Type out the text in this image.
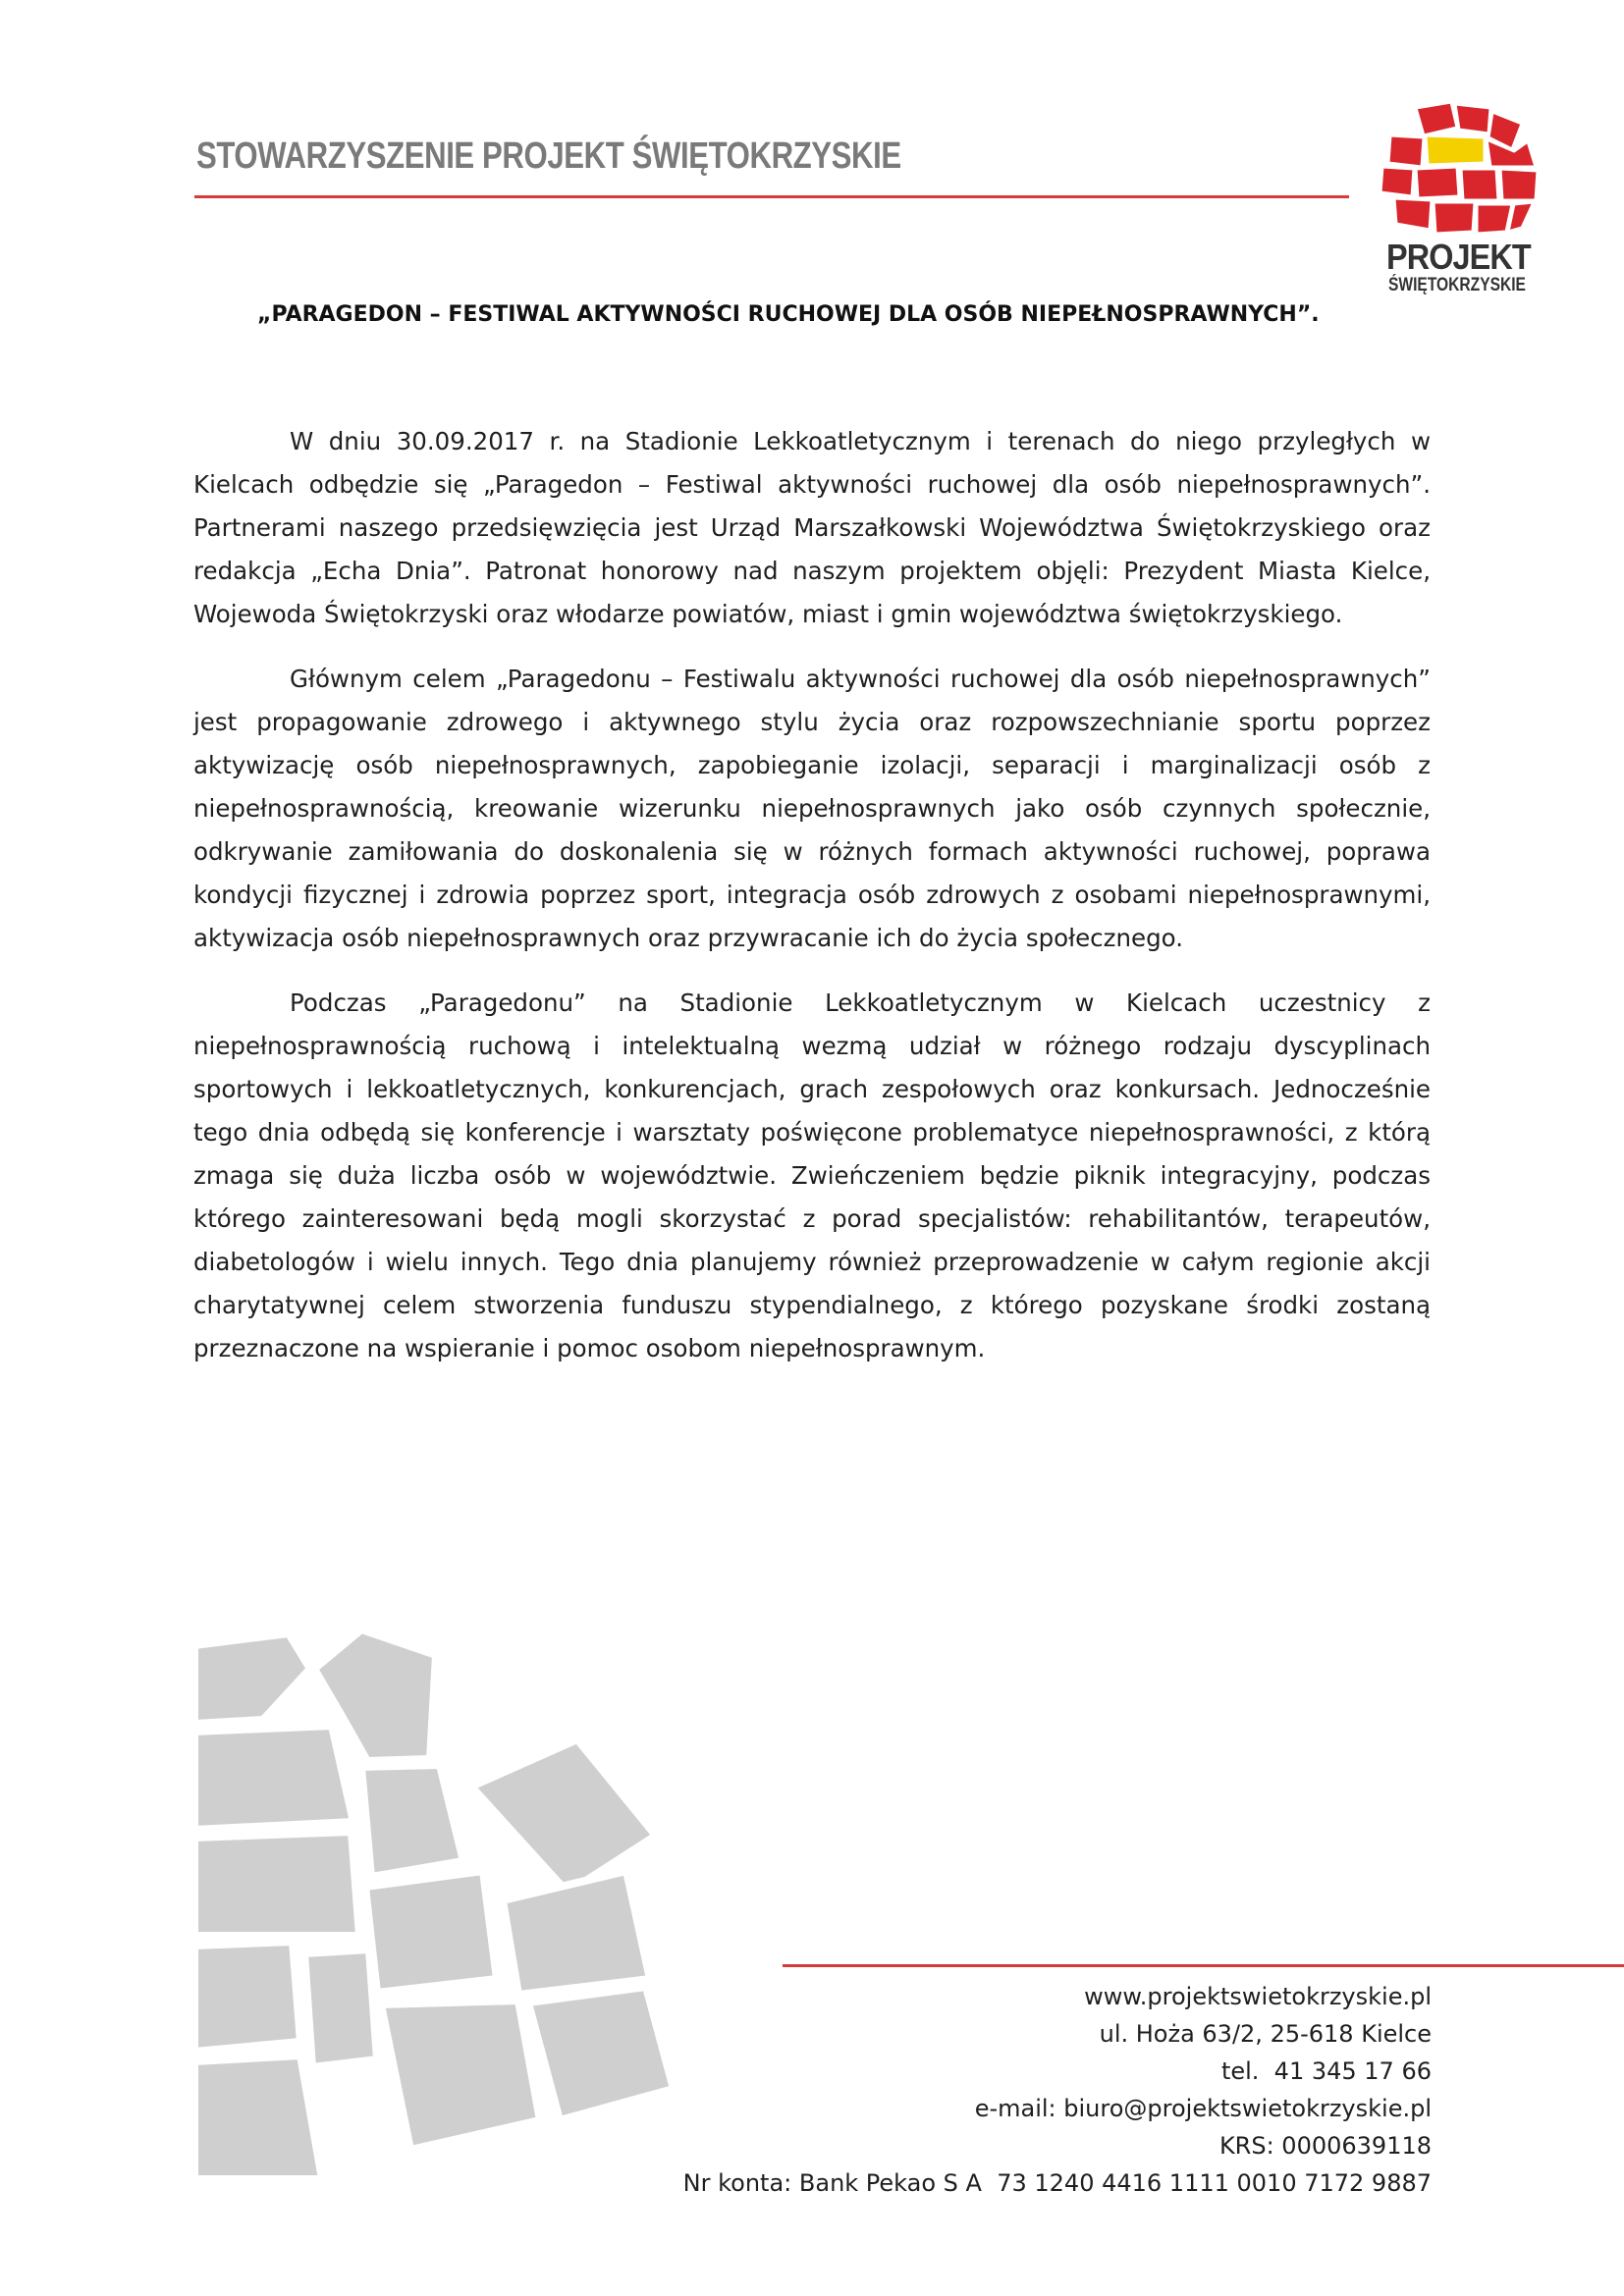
STOWARZYSZENIE PROJEKT ŚWIĘTOKRZYSKIE
PROJEKT
ŚWIĘTOKRZYSKIE
„PARAGEDON – FESTIWAL AKTYWNOŚCI RUCHOWEJ DLA OSÓB NIEPEŁNOSPRAWNYCH”.

W dniu 30.09.2017 r. na Stadionie Lekkoatletycznym i terenach do niego przyległych w Kielcach odbędzie się „Paragedon – Festiwal aktywności ruchowej dla osób niepełnosprawnych”. Partnerami naszego przedsięwzięcia jest Urząd Marszałkowski Województwa Świętokrzyskiego oraz redakcja „Echa Dnia”. Patronat honorowy nad naszym projektem objęli: Prezydent Miasta Kielce, Wojewoda Świętokrzyski oraz włodarze powiatów, miast i gmin województwa świętokrzyskiego.

Głównym celem „Paragedonu – Festiwalu aktywności ruchowej dla osób niepełnosprawnych” jest propagowanie zdrowego i aktywnego stylu życia oraz rozpowszechnianie sportu poprzez aktywizację osób niepełnosprawnych, zapobieganie izolacji, separacji i marginalizacji osób z niepełnosprawnością, kreowanie wizerunku niepełnosprawnych jako osób czynnych społecznie, odkrywanie zamiłowania do doskonalenia się w różnych formach aktywności ruchowej, poprawa kondycji fizycznej i zdrowia poprzez sport, integracja osób zdrowych z osobami niepełnosprawnymi, aktywizacja osób niepełnosprawnych oraz przywracanie ich do życia społecznego.

Podczas „Paragedonu” na Stadionie Lekkoatletycznym w Kielcach uczestnicy z niepełnosprawnością ruchową i intelektualną wezmą udział w różnego rodzaju dyscyplinach sportowych i lekkoatletycznych, konkurencjach, grach zespołowych oraz konkursach. Jednocześnie tego dnia odbędą się konferencje i warsztaty poświęcone problematyce niepełnosprawności, z którą zmaga się duża liczba osób w województwie. Zwieńczeniem będzie piknik integracyjny, podczas którego zainteresowani będą mogli skorzystać z porad specjalistów: rehabilitantów, terapeutów, diabetologów i wielu innych. Tego dnia planujemy również przeprowadzenie w całym regionie akcji charytatywnej celem stworzenia funduszu stypendialnego, z którego pozyskane środki zostaną przeznaczone na wspieranie i pomoc osobom niepełnosprawnym.

www.projektswietokrzyskie.pl
ul. Hoża 63/2, 25-618 Kielce
tel.  41 345 17 66
e-mail: biuro@projektswietokrzyskie.pl
KRS: 0000639118
Nr konta: Bank Pekao S A  73 1240 4416 1111 0010 7172 9887
